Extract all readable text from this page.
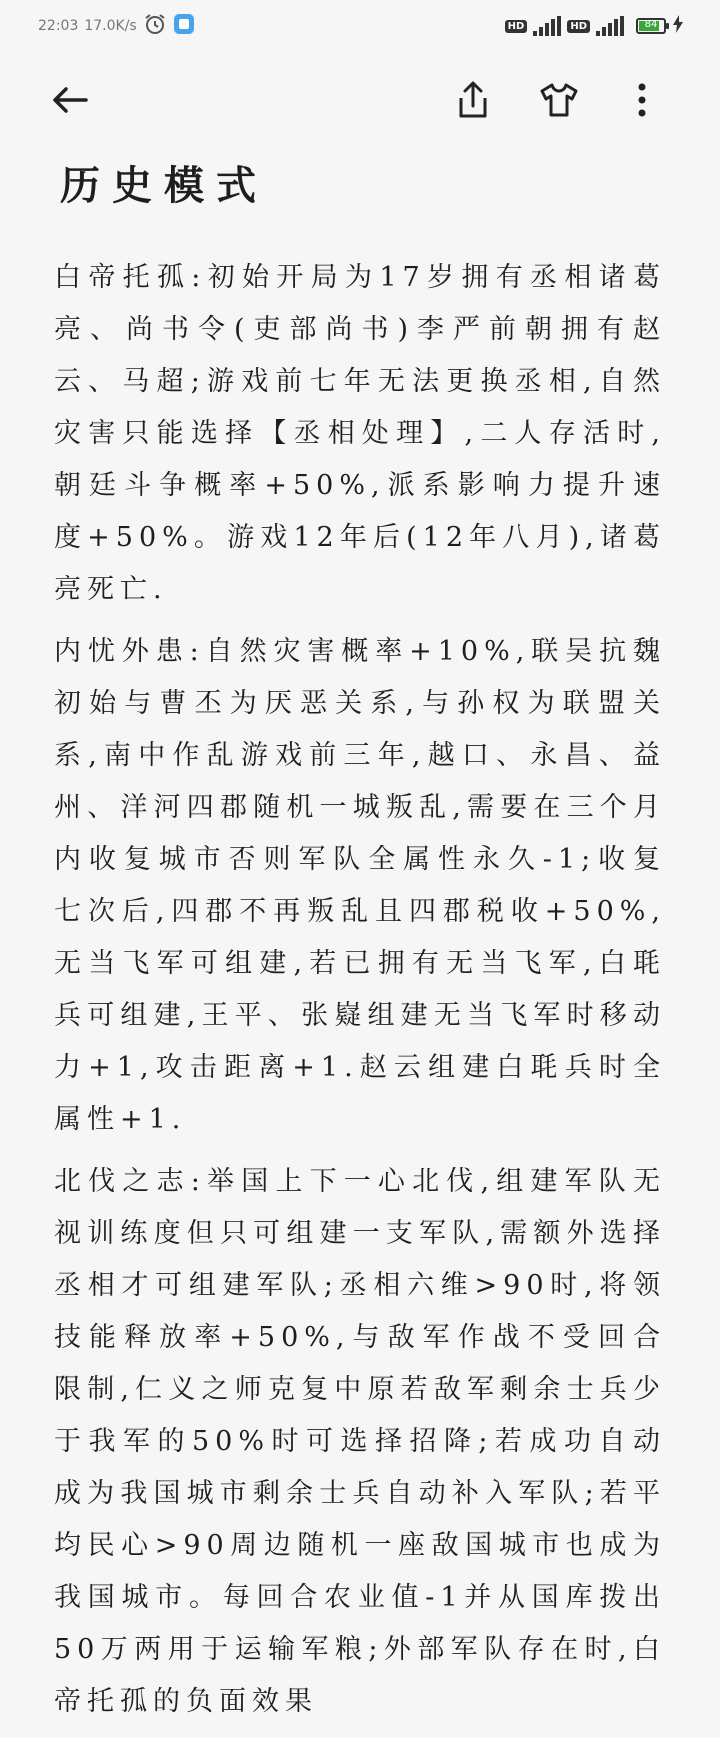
22:03 17.0K/s	HD	HD	84
历史模式

白帝托孤:初始开局为17岁拥有丞相诸葛亮、尚书令(吏部尚书)李严前朝拥有赵云、马超;游戏前七年无法更换丞相,自然灾害只能选择【丞相处理】,二人存活时,朝廷斗争概率+50%,派系影响力提升速度+50%。游戏12年后(12年八月),诸葛亮死亡.

内忧外患:自然灾害概率+10%,联吴抗魏初始与曹丕为厌恶关系,与孙权为联盟关系,南中作乱游戏前三年,越口、永昌、益州、洋河四郡随机一城叛乱,需要在三个月内收复城市否则军队全属性永久-1;收复七次后,四郡不再叛乱且四郡税收+50%,无当飞军可组建,若已拥有无当飞军,白毦兵可组建,王平、张嶷组建无当飞军时移动力+1,攻击距离+1.赵云组建白毦兵时全属性+1.

北伐之志:举国上下一心北伐,组建军队无视训练度但只可组建一支军队,需额外选择丞相才可组建军队;丞相六维>90时,将领技能释放率+50%,与敌军作战不受回合限制,仁义之师克复中原若敌军剩余士兵少于我军的50%时可选择招降;若成功自动成为我国城市剩余士兵自动补入军队;若平均民心>90周边随机一座敌国城市也成为我国城市。每回合农业值-1并从国库拨出50万两用于运输军粮;外部军队存在时,白帝托孤的负面效果
